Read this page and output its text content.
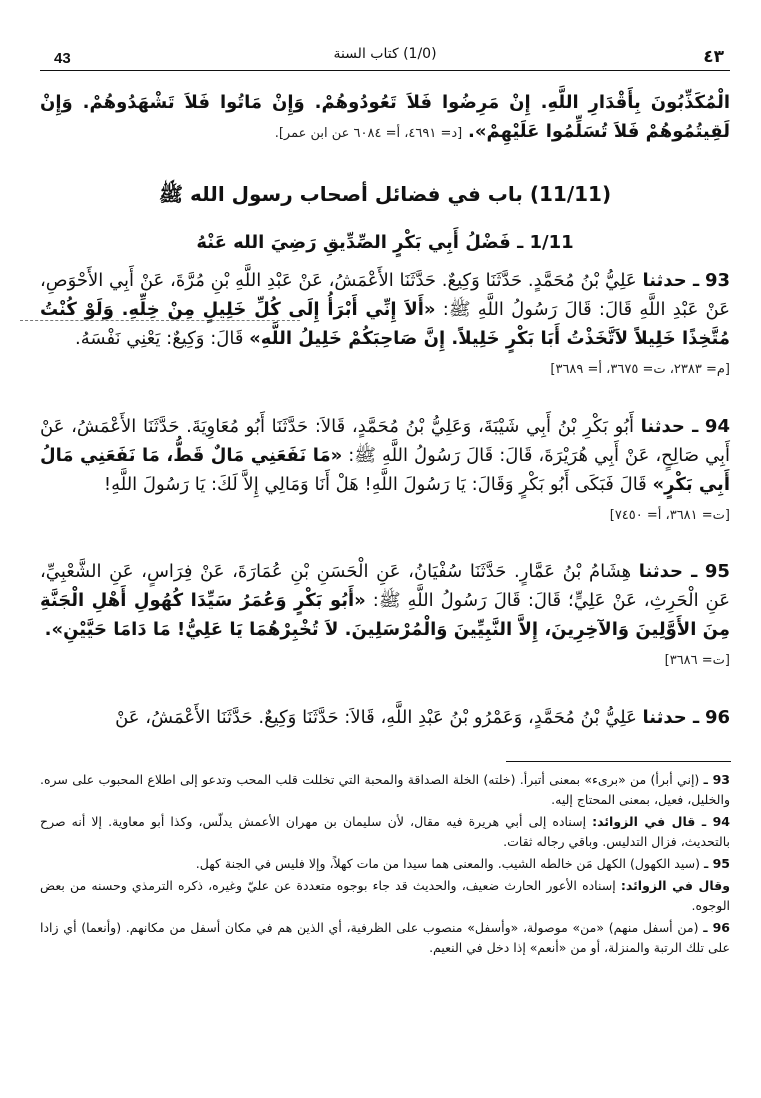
43	(1/0) كتاب السنة	٤٣

الْمُكَذِّبُونَ بِأَقْدَارِ اللَّهِ. إِنْ مَرِضُوا فَلاَ تَعُودُوهُمْ. وَإِنْ مَاتُوا فَلاَ تَشْهَدُوهُمْ. وَإِنْ لَقِيتُمُوهُمْ فَلاَ تُسَلِّمُوا عَلَيْهِمْ». [د= ٤٦٩١، أ= ٦٠٨٤ عن ابن عمر].

(11/11) باب في فضائل أصحاب رسول الله ﷺ
1/11 ـ فَضْلُ أَبِي بَكْرٍ الصِّدِّيقِ رَضِيَ الله عَنْهُ

93 ـ حدثنا عَلِيُّ بْنُ مُحَمَّدٍ. حَدَّثَنَا وَكِيعٌ. حَدَّثَنَا الأَعْمَشُ، عَنْ عَبْدِ اللَّهِ بْنِ مُرَّةَ، عَنْ أَبِي الأَحْوَصِ، عَنْ عَبْدِ اللَّهِ قَالَ: قَالَ رَسُولُ اللَّهِ ﷺ: «أَلاَ إِنِّي أَبْرَأُ إِلَى كُلِّ خَلِيلٍ مِنْ خِلِّهِ. وَلَوْ كُنْتُ مُتَّخِذًا خَلِيلاً لاَتَّخَذْتُ أَبَا بَكْرٍ خَلِيلاً. إِنَّ صَاحِبَكُمْ خَلِيلُ اللَّهِ» قَالَ: وَكِيعٌ: يَعْنِي نَفْسَهُ.
[م= ٢٣٨٣، ت= ٣٦٧٥، أ= ٣٦٨٩]

94 ـ حدثنا أَبُو بَكْرِ بْنُ أَبِي شَيْبَةَ، وَعَلِيُّ بْنُ مُحَمَّدٍ، قَالاَ: حَدَّثَنَا أَبُو مُعَاوِيَةَ. حَدَّثَنَا الأَعْمَشُ، عَنْ أَبِي صَالِحٍ، عَنْ أَبِي هُرَيْرَةَ، قَالَ: قَالَ رَسُولُ اللَّهِ ﷺ: «مَا نَفَعَنِي مَالٌ قَطُّ، مَا نَفَعَنِي مَالُ أَبِي بَكْرٍ» قَالَ فَبَكَى أَبُو بَكْرٍ وَقَالَ: يَا رَسُولَ اللَّهِ! هَلْ أَنَا وَمَالِي إِلاَّ لَكَ: يَا رَسُولَ اللَّهِ!
[ت= ٣٦٨١، أ= ٧٤٥٠]

95 ـ حدثنا هِشَامُ بْنُ عَمَّارٍ. حَدَّثَنَا سُفْيَانُ، عَنِ الْحَسَنِ بْنِ عُمَارَةَ، عَنْ فِرَاسٍ، عَنِ الشَّعْبِيِّ، عَنِ الْحَرِثِ، عَنْ عَلِيٍّ؛ قَالَ: قَالَ رَسُولُ اللَّهِ ﷺ: «أَبُو بَكْرٍ وَعُمَرُ سَيِّدَا كُهُولِ أَهْلِ الْجَنَّةِ مِنَ الأَوَّلِينَ وَالآخِرِينَ، إِلاَّ النَّبِيِّينَ وَالْمُرْسَلِينَ. لاَ تُخْبِرْهُمَا يَا عَلِيُّ! مَا دَامَا حَيَّيْنِ».
[ت= ٣٦٨٦]

96 ـ حدثنا عَلِيُّ بْنُ مُحَمَّدٍ، وَعَمْرُو بْنُ عَبْدِ اللَّهِ، قَالاَ: حَدَّثَنَا وَكِيعٌ. حَدَّثَنَا الأَعْمَشُ، عَنْ

93 ـ (إني أبرأ) من «برىء» بمعنى أتبرأ. (خلته) الخلة الصداقة والمحبة التي تخللت قلب المحب وتدعو إلى اطلاع المحبوب على سره. والخليل، فعيل، بمعنى المحتاج إليه.

94 ـ قال في الزوائد: إسناده إلى أبي هريرة فيه مقال، لأن سليمان بن مهران الأعمش يدلّس، وكذا أبو معاوية. إلا أنه صرح بالتحديث، فزال التدليس. وباقي رجاله ثقات.

95 ـ (سيد الكهول) الكهل مَن خالطه الشيب. والمعنى هما سيدا من مات كهلاً، وإلا فليس في الجنة كهل.

وقال في الزوائد: إسناده الأعور الحارث ضعيف، والحديث قد جاء بوجوه متعددة عن عليّ وغيره، ذكره الترمذي وحسنه من بعض الوجوه.

96 ـ (من أسفل منهم) «من» موصولة، «وأسفل» منصوب على الظرفية، أي الذين هم في مكان أسفل من مكانهم. (وأنعما) أي زادا على تلك الرتبة والمنزلة، أو من «أنعم» إذا دخل في النعيم.
